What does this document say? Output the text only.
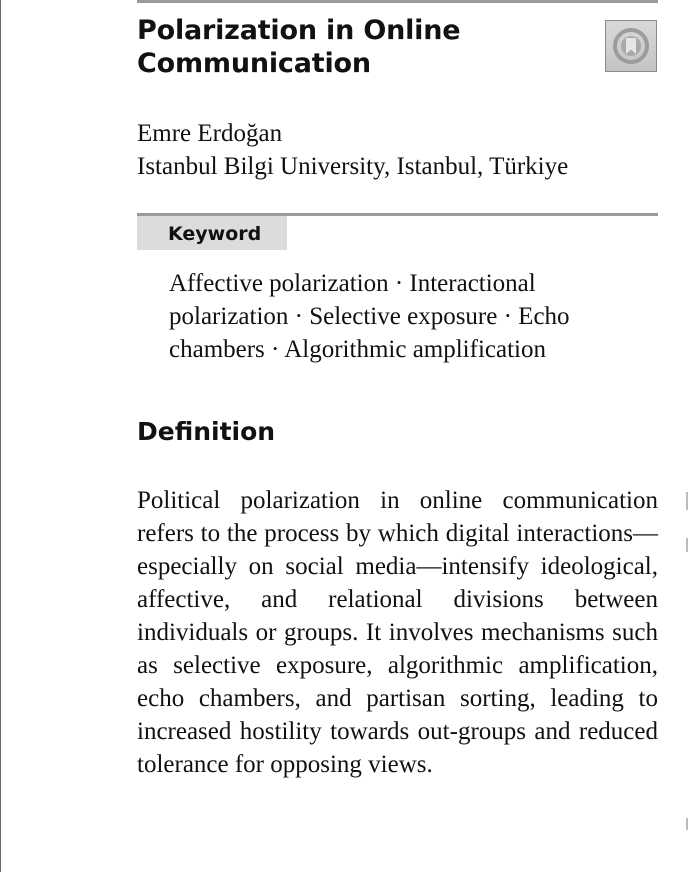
Polarization in Online Communication
Emre Erdoğan
Istanbul Bilgi University, Istanbul, Türkiye
Keyword

Affective polarization · Interactional polarization · Selective exposure · Echo chambers · Algorithmic amplification

Definition

Political polarization in online communication refers to the process by which digital interactions—especially on social media—intensify ideological, affective, and relational divisions between individuals or groups. It involves mechanisms such as selective exposure, algorithmic amplification, echo chambers, and partisan sorting, leading to increased hostility towards out-groups and reduced tolerance for opposing views.
